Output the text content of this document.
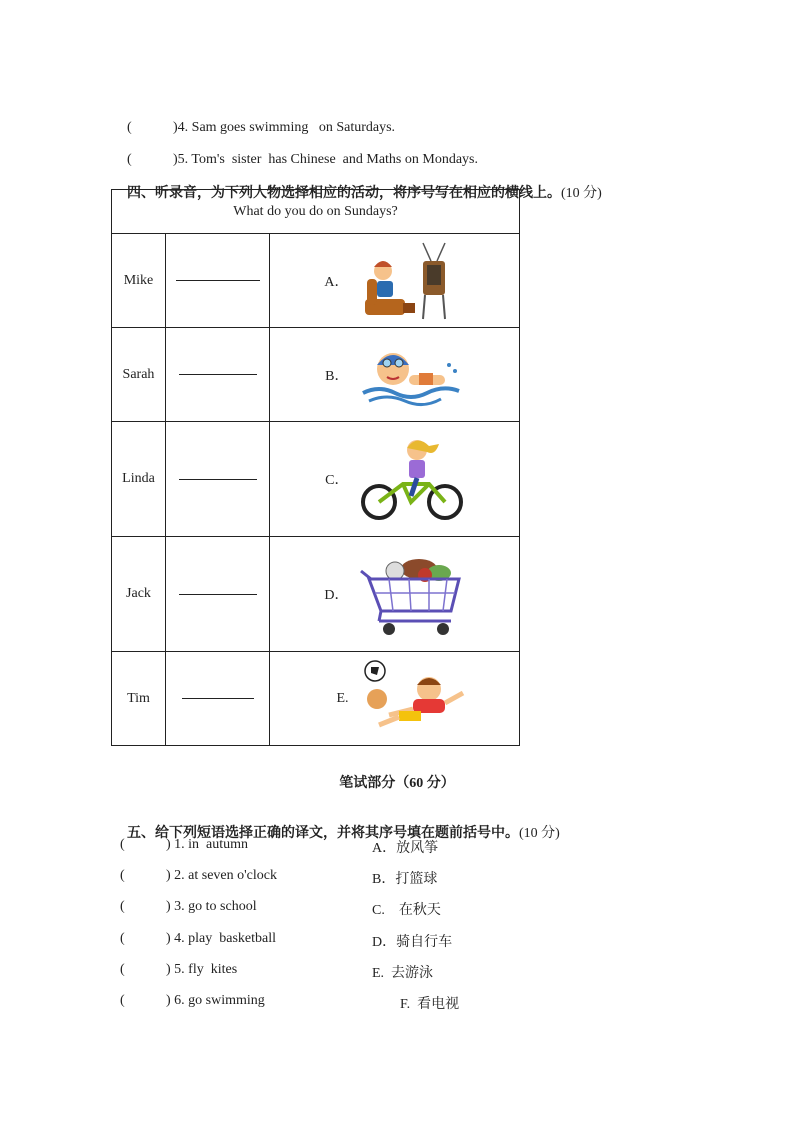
(	)4. Sam goes swimming   on Saturdays.

(	)5. Tom's  sister  has Chinese  and Maths on Mondays.

四、听录音，为下列人物选择相应的活动，将序号写在相应的横线上。(10 分)

What do you do on Sundays?		
Mike		A．

Sarah		B．

Linda		C．

Jack		D．

Tim		E.
笔试部分（60 分）

五、给下列短语选择正确的译文，并将其序号填在题前括号中。(10 分)

(	) 1. in  autumn
(	) 2. at seven o'clock
(	) 3. go to school
(	) 4. play  basketball
(	) 5. fly  kites
(	) 6. go swimming
A．放风筝
B．打篮球
C.    在秋天
D．骑自行车
E.  去游泳
F.  看电视
